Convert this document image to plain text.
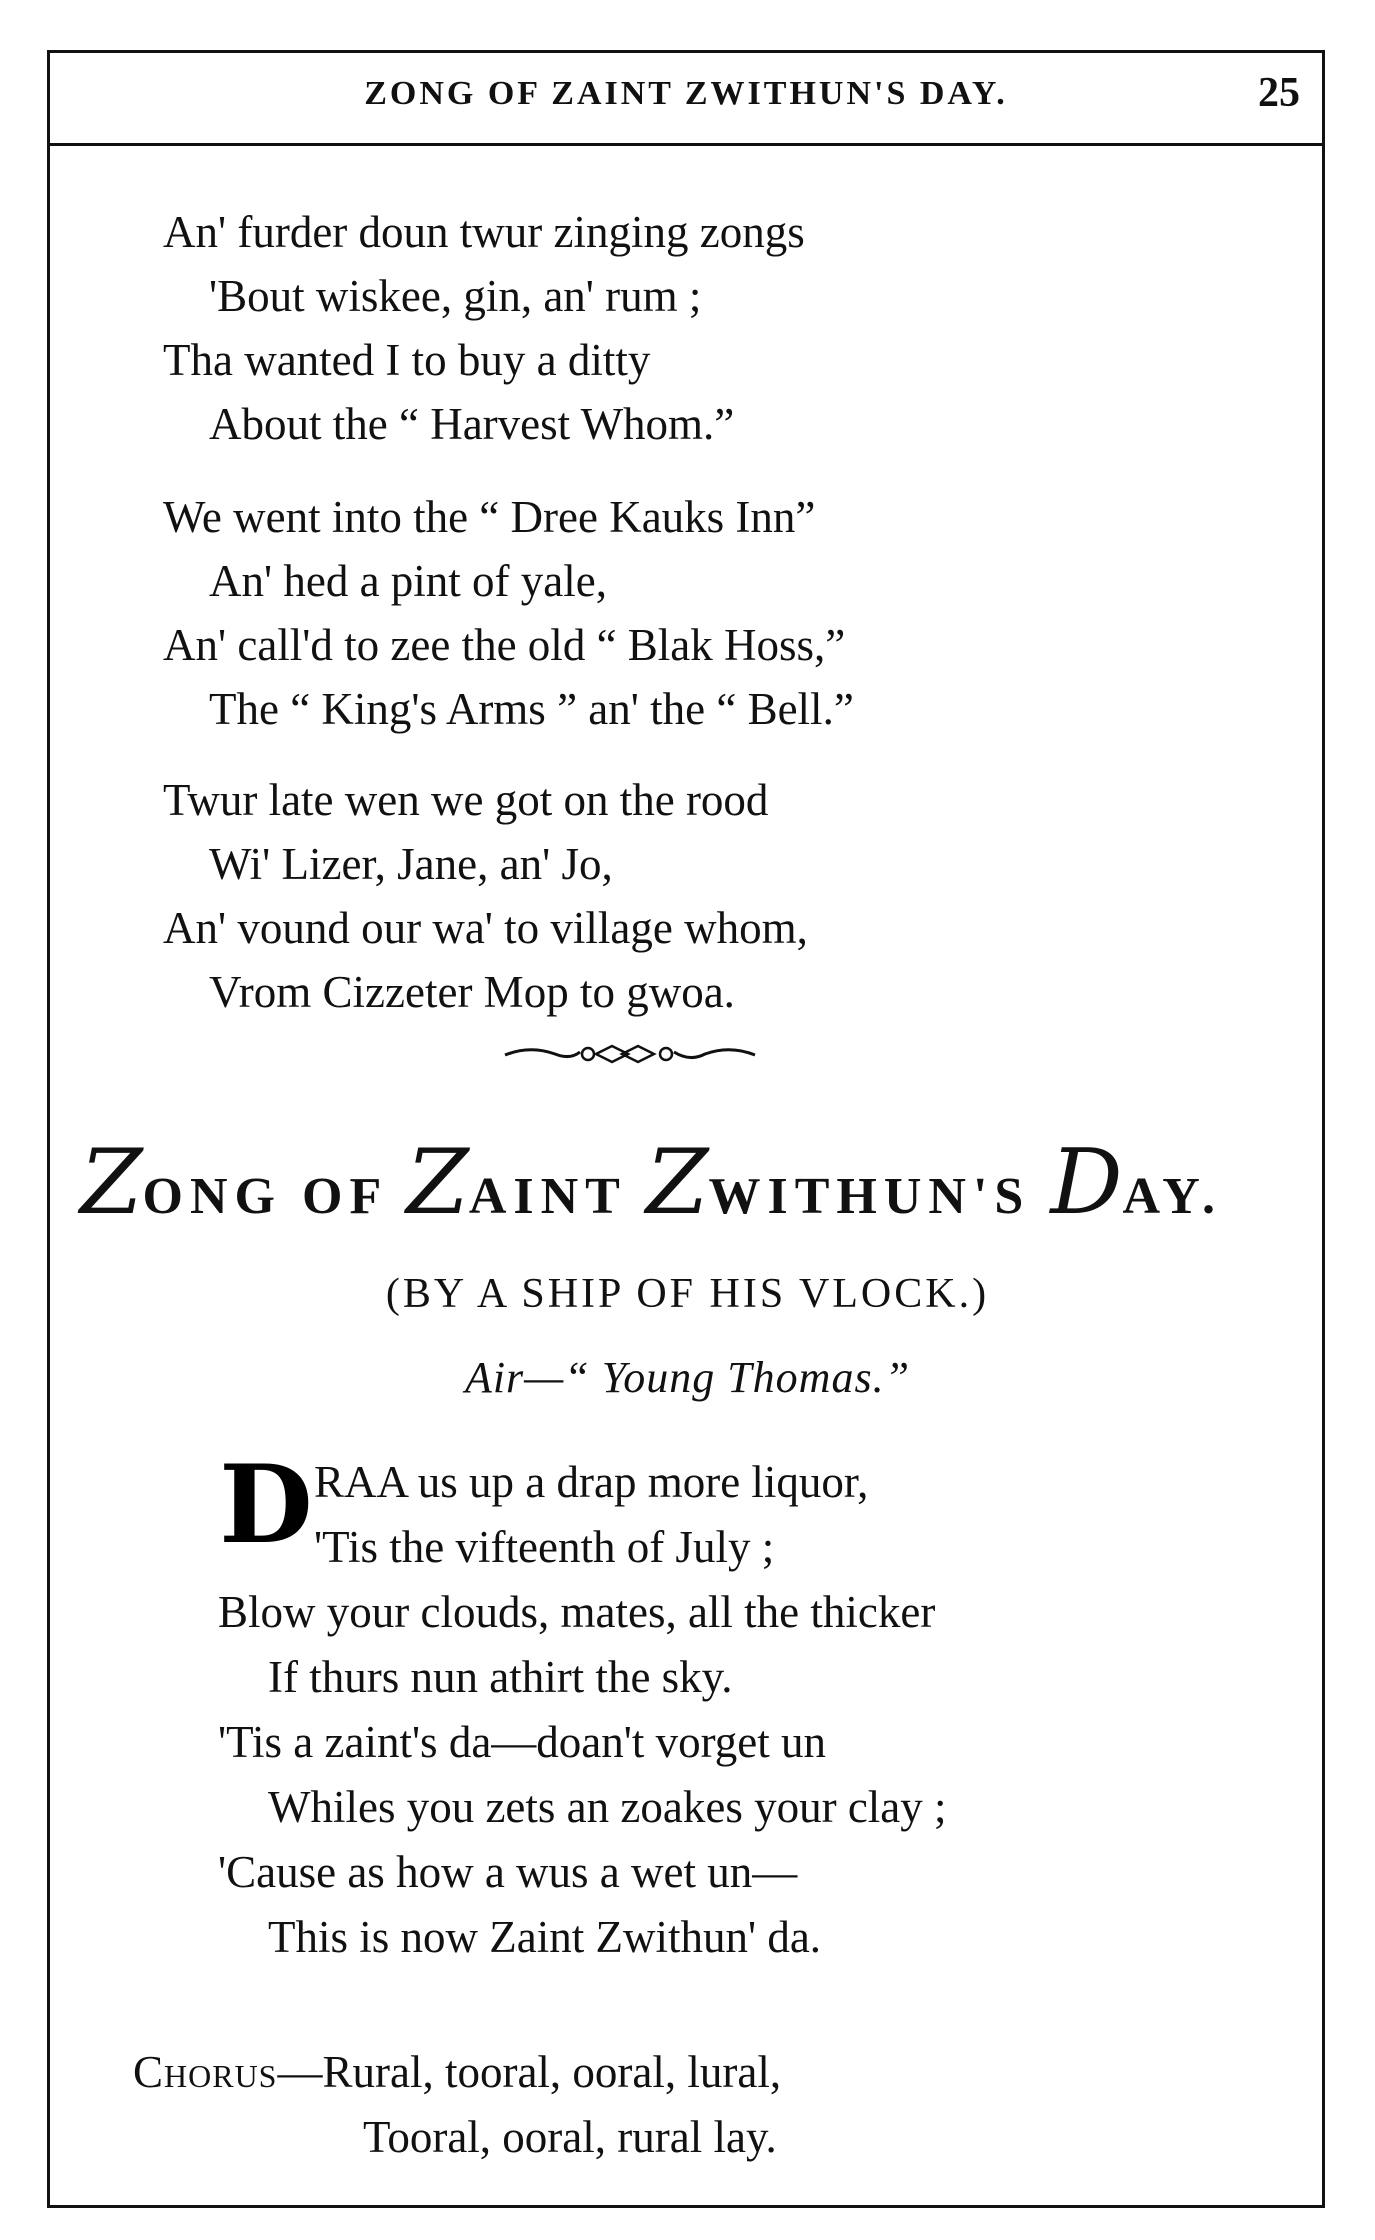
ZONG OF ZAINT ZWITHUN'S DAY.	25
An' furder doun twur zinging zongs
'Bout wiskee, gin, an' rum ;
Tha wanted I to buy a ditty
About the “ Harvest Whom.”
We went into the “ Dree Kauks Inn”
An' hed a pint of yale,
An' call'd to zee the old “ Blak Hoss,”
The “ King's Arms ” an' the “ Bell.”
Twur late wen we got on the rood
Wi' Lizer, Jane, an' Jo,
An' vound our wa' to village whom,
Vrom Cizzeter Mop to gwoa.
ZONG OF ZAINT ZWITHUN'S DAY.
(BY A SHIP OF HIS VLOCK.)
Air—“ Young Thomas.”
D RAA us up a drap more liquor,
'Tis the vifteenth of July ;
Blow your clouds, mates, all the thicker
If thurs nun athirt the sky.
'Tis a zaint's da—doan't vorget un
Whiles you zets an zoakes your clay ;
'Cause as how a wus a wet un—
This is now Zaint Zwithun' da.
Chorus—Rural, tooral, ooral, lural,
Tooral, ooral, rural lay.
